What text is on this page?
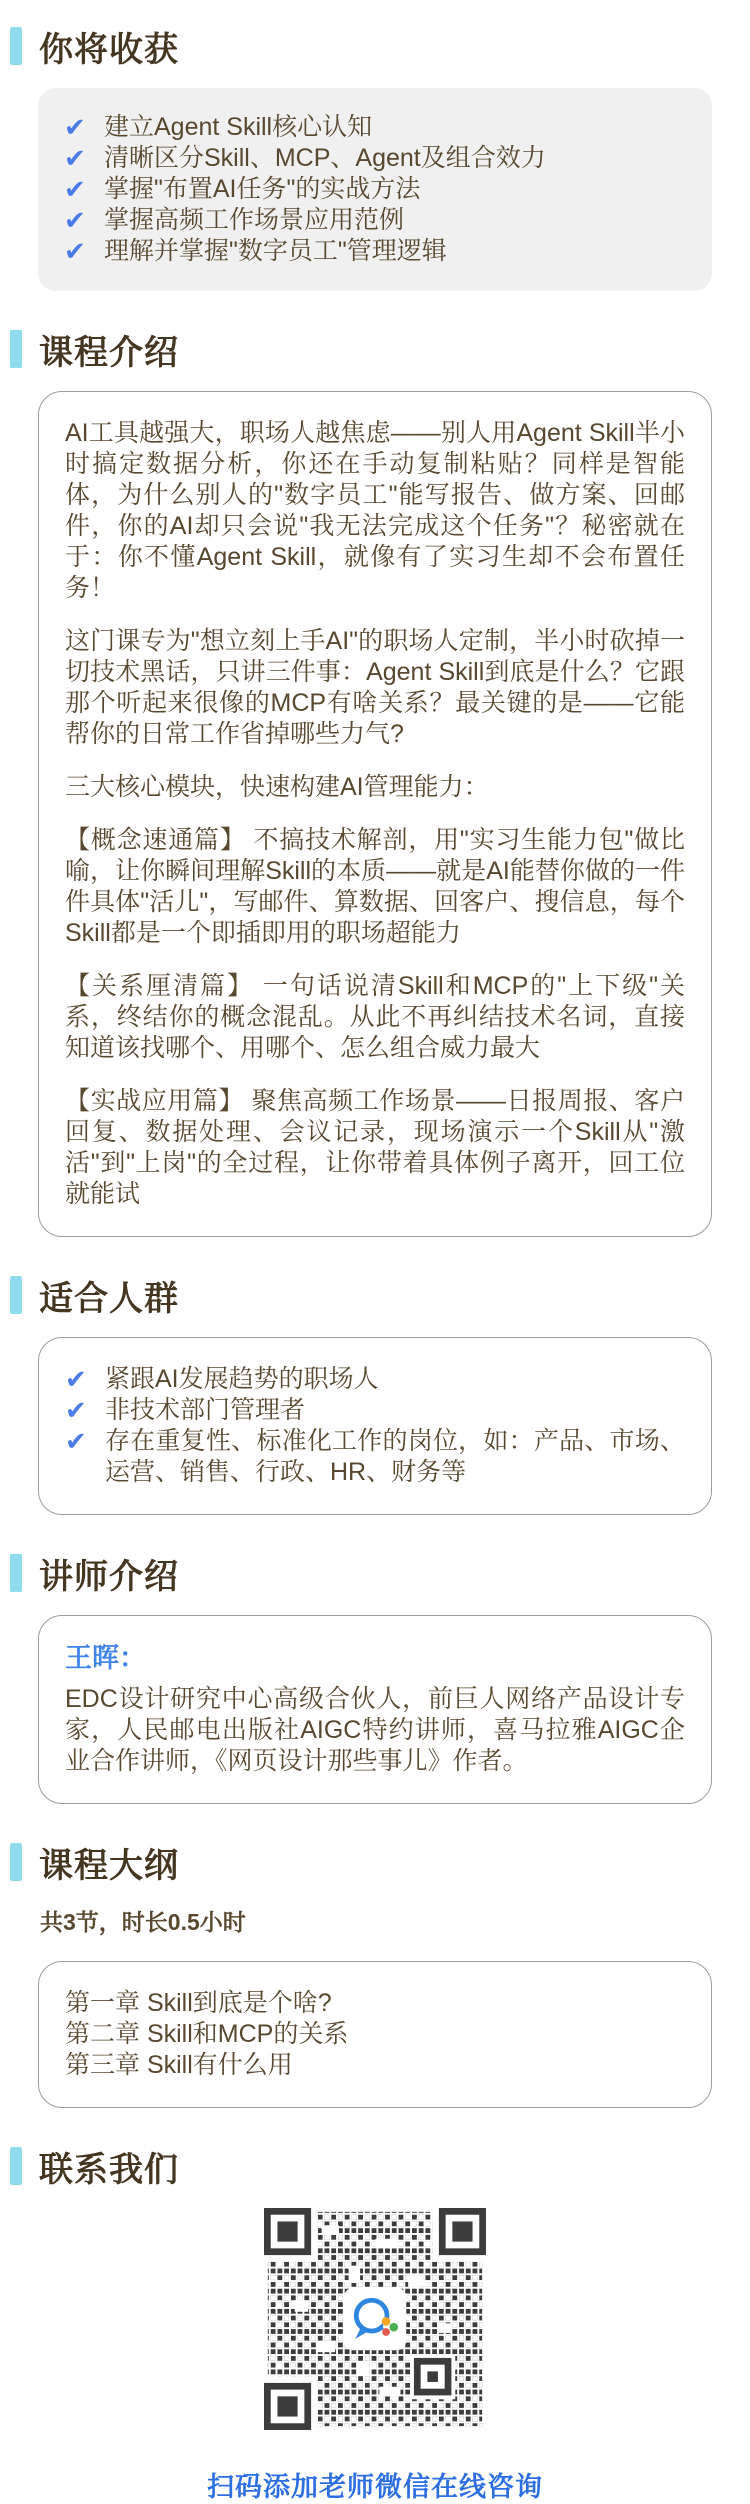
你将收获
✔ 建立Agent Skill核心认知
✔ 清晰区分Skill、MCP、Agent及组合效力
✔ 掌握"布置AI任务"的实战方法
✔ 掌握高频工作场景应用范例
✔ 理解并掌握"数字员工"管理逻辑
课程介绍

AI工具越强大，职场人越焦虑——别人用Agent Skill半小时搞定数据分析，你还在手动复制粘贴？同样是智能体，为什么别人的"数字员工"能写报告、做方案、回邮件，你的AI却只会说"我无法完成这个任务"？秘密就在于：你不懂Agent Skill，就像有了实习生却不会布置任务！

这门课专为"想立刻上手AI"的职场人定制，半小时砍掉一切技术黑话，只讲三件事：Agent Skill到底是什么？它跟那个听起来很像的MCP有啥关系？最关键的是——它能帮你的日常工作省掉哪些力气?

三大核心模块，快速构建AI管理能力：

【概念速通篇】 不搞技术解剖，用"实习生能力包"做比喻，让你瞬间理解Skill的本质——就是AI能替你做的一件件具体"活儿"，写邮件、算数据、回客户、搜信息，每个Skill都是一个即插即用的职场超能力

【关系厘清篇】 一句话说清Skill和MCP的"上下级"关系，终结你的概念混乱。从此不再纠结技术名词，直接知道该找哪个、用哪个、怎么组合威力最大

【实战应用篇】 聚焦高频工作场景——日报周报、客户回复、数据处理、会议记录，现场演示一个Skill从"激活"到"上岗"的全过程，让你带着具体例子离开，回工位就能试

适合人群
✔ 紧跟AI发展趋势的职场人
✔ 非技术部门管理者
✔ 存在重复性、标准化工作的岗位，如：产品、市场、运营、销售、行政、HR、财务等
讲师介绍
王晖：

EDC设计研究中心高级合伙人，前巨人网络产品设计专家，人民邮电出版社AIGC特约讲师，喜马拉雅AIGC企业合作讲师，《网页设计那些事儿》作者。

课程大纲
共3节，时长0.5小时
第一章 Skill到底是个啥?
第二章 Skill和MCP的关系
第三章 Skill有什么用
联系我们
扫码添加老师微信在线咨询
